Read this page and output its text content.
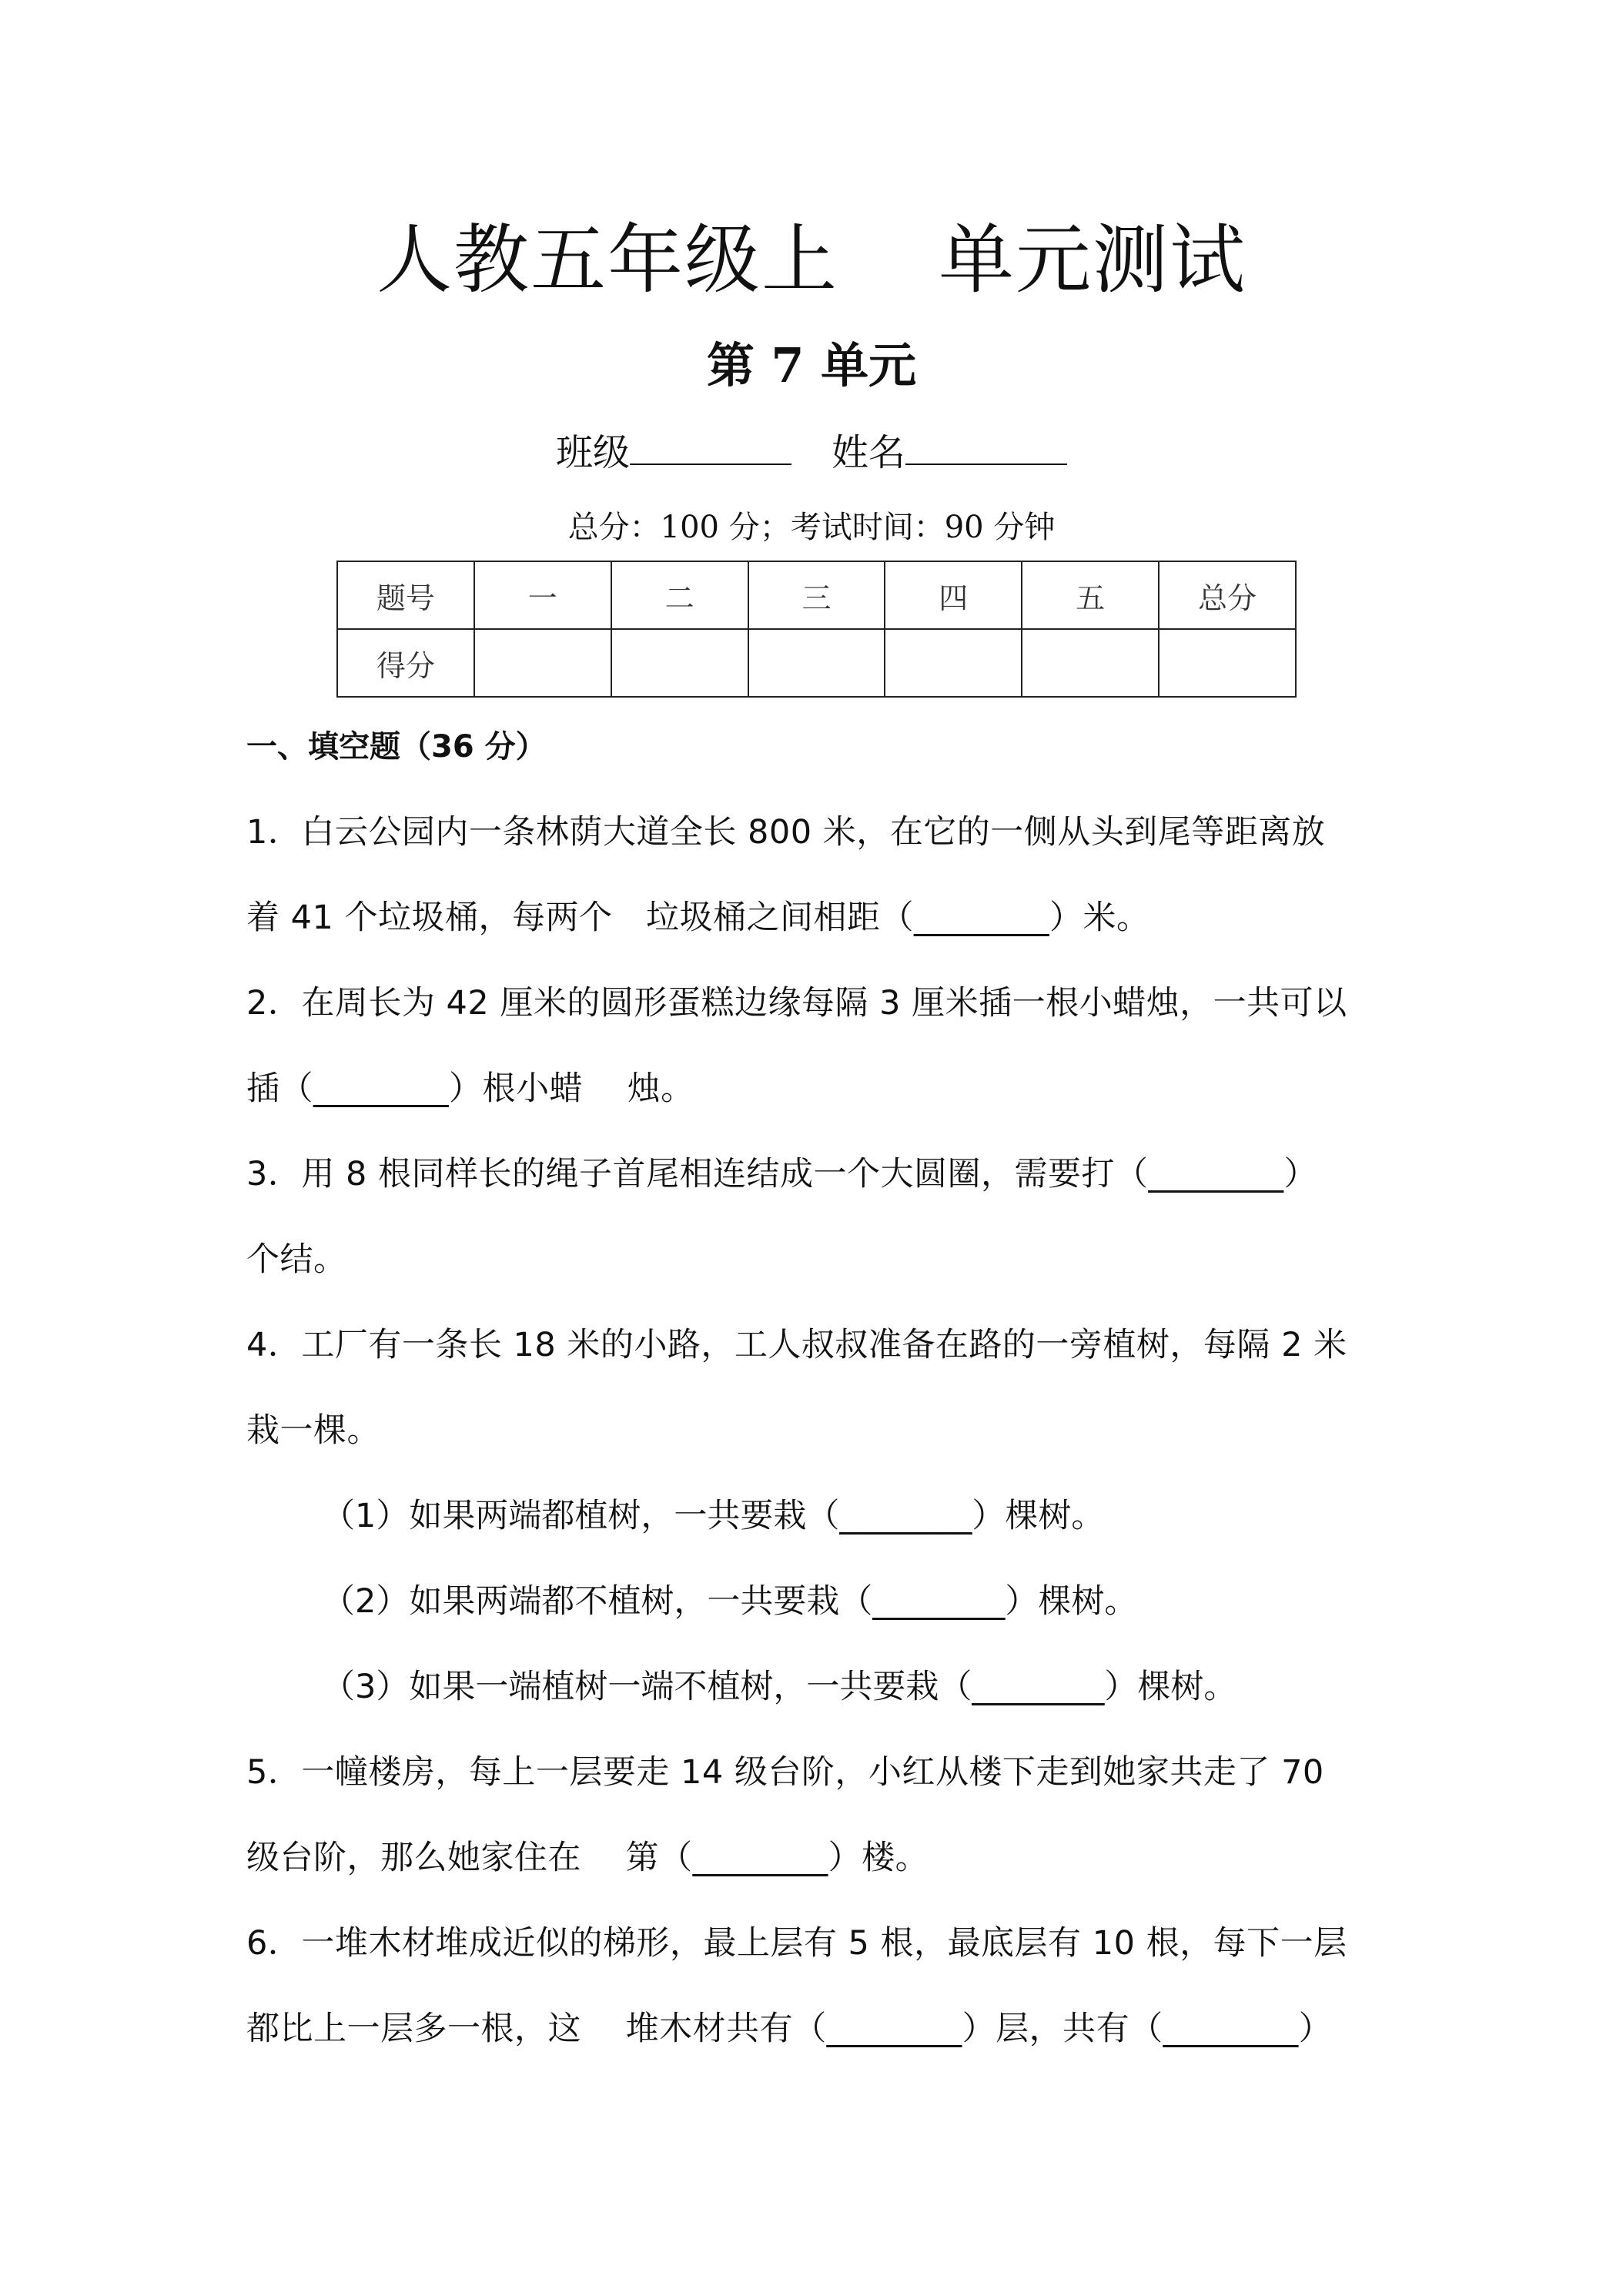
人教五年级上 单元测试
第 7 单元
班级	姓名
总分：100 分；考试时间：90 分钟
题号	一	二	三	四	五	总分
得分						
一、填空题（36 分）
1．白云公园内一条林荫大道全长 800 米，在它的一侧从头到尾等距离放
着 41 个垃圾桶，每两个　垃圾桶之间相距（________）米。
2．在周长为 42 厘米的圆形蛋糕边缘每隔 3 厘米插一根小蜡烛，一共可以
插（________）根小蜡　 烛。
3．用 8 根同样长的绳子首尾相连结成一个大圆圈，需要打（________）
个结。
4．工厂有一条长 18 米的小路，工人叔叔准备在路的一旁植树，每隔 2 米
栽一棵。
（1）如果两端都植树，一共要栽（________）棵树。
（2）如果两端都不植树，一共要栽（________）棵树。
（3）如果一端植树一端不植树，一共要栽（________）棵树。
5．一幢楼房，每上一层要走 14 级台阶，小红从楼下走到她家共走了 70
级台阶，那么她家住在　 第（________）楼。
6．一堆木材堆成近似的梯形，最上层有 5 根，最底层有 10 根，每下一层
都比上一层多一根，这　 堆木材共有（________）层，共有（________）
